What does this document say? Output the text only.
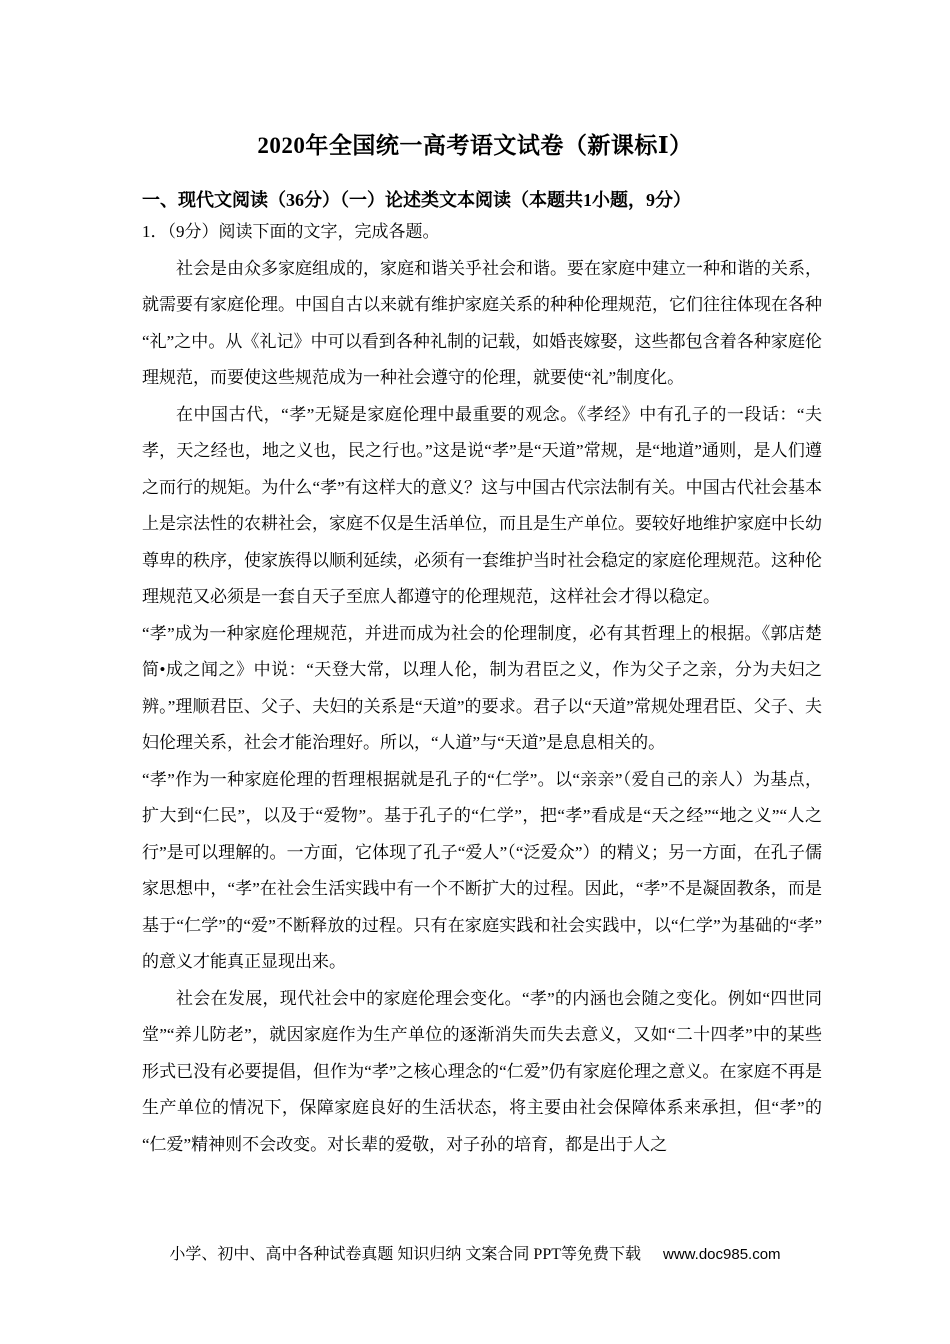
2020年全国统一高考语文试卷（新课标Ⅰ）
一、现代文阅读（36分）（一）论述类文本阅读（本题共1小题，9分）

1．（9分）阅读下面的文字，完成各题。

社会是由众多家庭组成的，家庭和谐关乎社会和谐。要在家庭中建立一种和谐的关系，就需要有家庭伦理。中国自古以来就有维护家庭关系的种种伦理规范，它们往往体现在各种“礼”之中。从《礼记》中可以看到各种礼制的记载，如婚丧嫁娶，这些都包含着各种家庭伦理规范，而要使这些规范成为一种社会遵守的伦理，就要使“礼”制度化。

在中国古代，“孝”无疑是家庭伦理中最重要的观念。《孝经》中有孔子的一段话：“夫孝，天之经也，地之义也，民之行也。”这是说“孝”是“天道”常规，是“地道”通则，是人们遵之而行的规矩。为什么“孝”有这样大的意义？这与中国古代宗法制有关。中国古代社会基本上是宗法性的农耕社会，家庭不仅是生活单位，而且是生产单位。要较好地维护家庭中长幼尊卑的秩序，使家族得以顺利延续，必须有一套维护当时社会稳定的家庭伦理规范。这种伦理规范又必须是一套自天子至庶人都遵守的伦理规范，这样社会才得以稳定。

“孝”成为一种家庭伦理规范，并进而成为社会的伦理制度，必有其哲理上的根据。《郭店楚简•成之闻之》中说：“天登大常，以理人伦，制为君臣之义，作为父子之亲，分为夫妇之辨。”理顺君臣、父子、夫妇的关系是“天道”的要求。君子以“天道”常规处理君臣、父子、夫妇伦理关系，社会才能治理好。所以，“人道”与“天道”是息息相关的。

“孝”作为一种家庭伦理的哲理根据就是孔子的“仁学”。以“亲亲”（爱自己的亲人）为基点，扩大到“仁民”，以及于“爱物”。基于孔子的“仁学”，把“孝”看成是“天之经”“地之义”“人之行”是可以理解的。一方面，它体现了孔子“爱人”（“泛爱众”）的精义；另一方面，在孔子儒家思想中，“孝”在社会生活实践中有一个不断扩大的过程。因此，“孝”不是凝固教条，而是基于“仁学”的“爱”不断释放的过程。只有在家庭实践和社会实践中，以“仁学”为基础的“孝”的意义才能真正显现出来。

社会在发展，现代社会中的家庭伦理会变化。“孝”的内涵也会随之变化。例如“四世同堂”“养儿防老”，就因家庭作为生产单位的逐渐消失而失去意义，又如“二十四孝”中的某些形式已没有必要提倡，但作为“孝”之核心理念的“仁爱”仍有家庭伦理之意义。在家庭不再是生产单位的情况下，保障家庭良好的生活状态，将主要由社会保障体系来承担，但“孝”的“仁爱”精神则不会改变。对长辈的爱敬，对子孙的培育，都是出于人之

小学、初中、高中各种试卷真题 知识归纳 文案合同 PPT等免费下载 www.doc985.com
